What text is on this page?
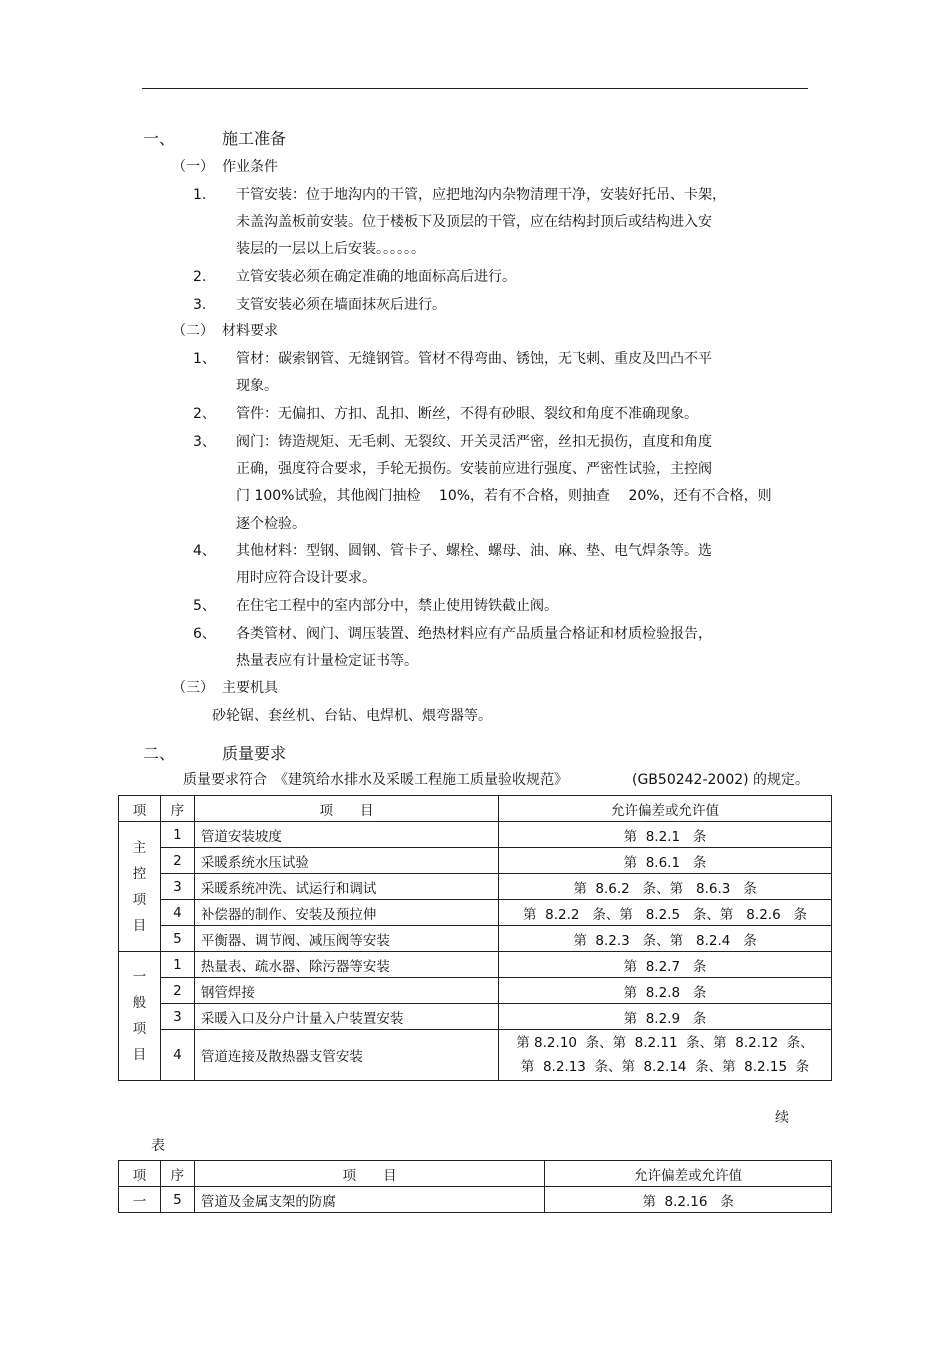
一、	施工准备
（一） 作业条件
1. 干管安装：位于地沟内的干管，应把地沟内杂物清理干净，安装好托吊、卡架，
未盖沟盖板前安装。位于楼板下及顶层的干管，应在结构封顶后或结构进入安
装层的一层以上后安装。。。。。。
2. 立管安装必须在确定准确的地面标高后进行。
3. 支管安装必须在墙面抹灰后进行。
（二） 材料要求
1、 管材：碳索钢管、无缝钢管。管材不得弯曲、锈蚀，无飞刺、重皮及凹凸不平
现象。
2、 管件：无偏扣、方扣、乱扣、断丝，不得有砂眼、裂纹和角度不准确现象。
3、 阀门：铸造规矩、无毛刺、无裂纹、开关灵活严密，丝扣无损伤，直度和角度
正确，强度符合要求，手轮无损伤。安装前应进行强度、严密性试验，主控阀
门 100%试验，其他阀门抽检　 10%，若有不合格，则抽查　 20%，还有不合格，则
逐个检验。
4、 其他材料：型钢、圆钢、管卡子、螺栓、螺母、油、麻、垫、电气焊条等。选
用时应符合设计要求。
5、 在住宅工程中的室内部分中，禁止使用铸铁截止阀。
6、 各类管材、阀门、调压装置、绝热材料应有产品质量合格证和材质检验报告，
热量表应有计量检定证书等。
（三） 主要机具
砂轮锯、套丝机、台钻、电焊机、煨弯器等。
二、	质量要求
质量要求符合　《建筑给水排水及采暖工程施工质量验收规范》	(GB50242-2002) 的规定。
项	序	项　　目	允许偏差或允许值

主
控
项
目	1	管道安装坡度	第  8.2.1   条
	2	采暖系统水压试验	第  8.6.1   条
	3	采暖系统冲洗、试运行和调试	第  8.6.2   条、第   8.6.3   条
	4	补偿器的制作、安装及预拉伸	第  8.2.2   条、第   8.2.5   条、第   8.2.6   条
	5	平衡器、调节阀、减压阀等安装	第  8.2.3   条、第   8.2.4   条

一
般
项
目	1	热量表、疏水器、除污器等安装	第  8.2.7   条
	2	钢管焊接	第  8.2.8   条
	3	采暖入口及分户计量入户装置安装	第  8.2.9   条
	4	管道连接及散热器支管安装	第 8.2.10  条、第  8.2.11  条、第  8.2.12  条、
第  8.2.13  条、第  8.2.14  条、第  8.2.15  条
续
表
项	序	项　　目	允许偏差或允许值
一	5	管道及金属支架的防腐	第  8.2.16   条
